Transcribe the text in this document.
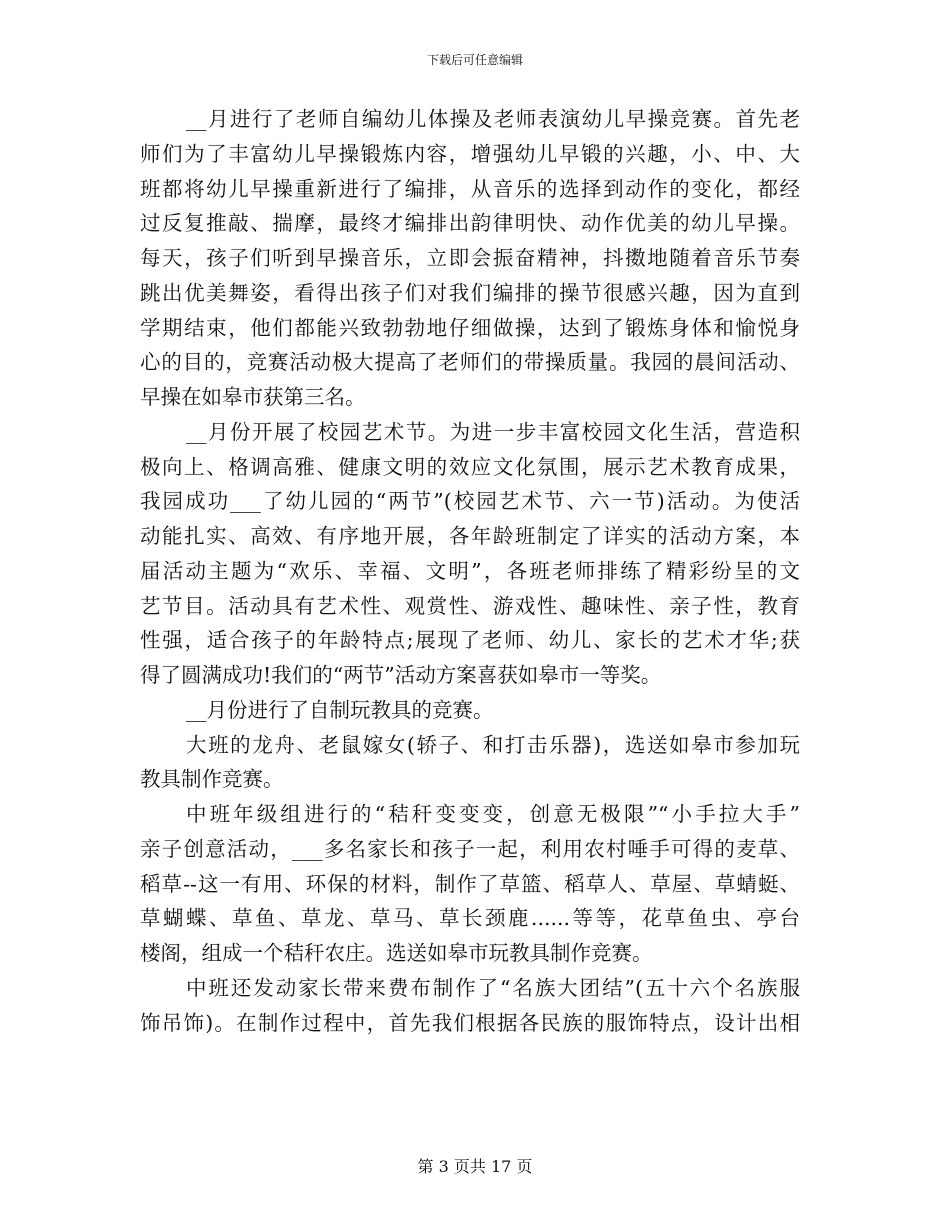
下载后可任意编辑
__月进行了老师自编幼儿体操及老师表演幼儿早操竞赛。首先老
师们为了丰富幼儿早操锻炼内容，增强幼儿早锻的兴趣，小、中、大
班都将幼儿早操重新进行了编排，从音乐的选择到动作的变化，都经
过反复推敲、揣摩，最终才编排出韵律明快、动作优美的幼儿早操。
每天，孩子们听到早操音乐，立即会振奋精神，抖擞地随着音乐节奏
跳出优美舞姿，看得出孩子们对我们编排的操节很感兴趣，因为直到
学期结束，他们都能兴致勃勃地仔细做操，达到了锻炼身体和愉悦身
心的目的，竞赛活动极大提高了老师们的带操质量。我园的晨间活动、
早操在如皋市获第三名。
__月份开展了校园艺术节。为进一步丰富校园文化生活，营造积
极向上、格调高雅、健康文明的效应文化氛围，展示艺术教育成果，
我园成功___了幼儿园的“两节”(校园艺术节、六一节)活动。为使活
动能扎实、高效、有序地开展，各年龄班制定了详实的活动方案，本
届活动主题为“欢乐、幸福、文明”，各班老师排练了精彩纷呈的文
艺节目。活动具有艺术性、观赏性、游戏性、趣味性、亲子性，教育
性强，适合孩子的年龄特点;展现了老师、幼儿、家长的艺术才华;获
得了圆满成功!我们的“两节”活动方案喜获如皋市一等奖。
__月份进行了自制玩教具的竞赛。
大班的龙舟、老鼠嫁女(轿子、和打击乐器)，选送如皋市参加玩
教具制作竞赛。
中班年级组进行的“秸秆变变变，创意无极限”“小手拉大手”
亲子创意活动，___多名家长和孩子一起，利用农村唾手可得的麦草、
稻草--这一有用、环保的材料，制作了草篮、稻草人、草屋、草蜻蜓、
草蝴蝶、草鱼、草龙、草马、草长颈鹿......等等，花草鱼虫、亭台
楼阁，组成一个秸秆农庄。选送如皋市玩教具制作竞赛。
中班还发动家长带来费布制作了“名族大团结”(五十六个名族服
饰吊饰)。在制作过程中，首先我们根据各民族的服饰特点，设计出相
第 3 页共 17 页
